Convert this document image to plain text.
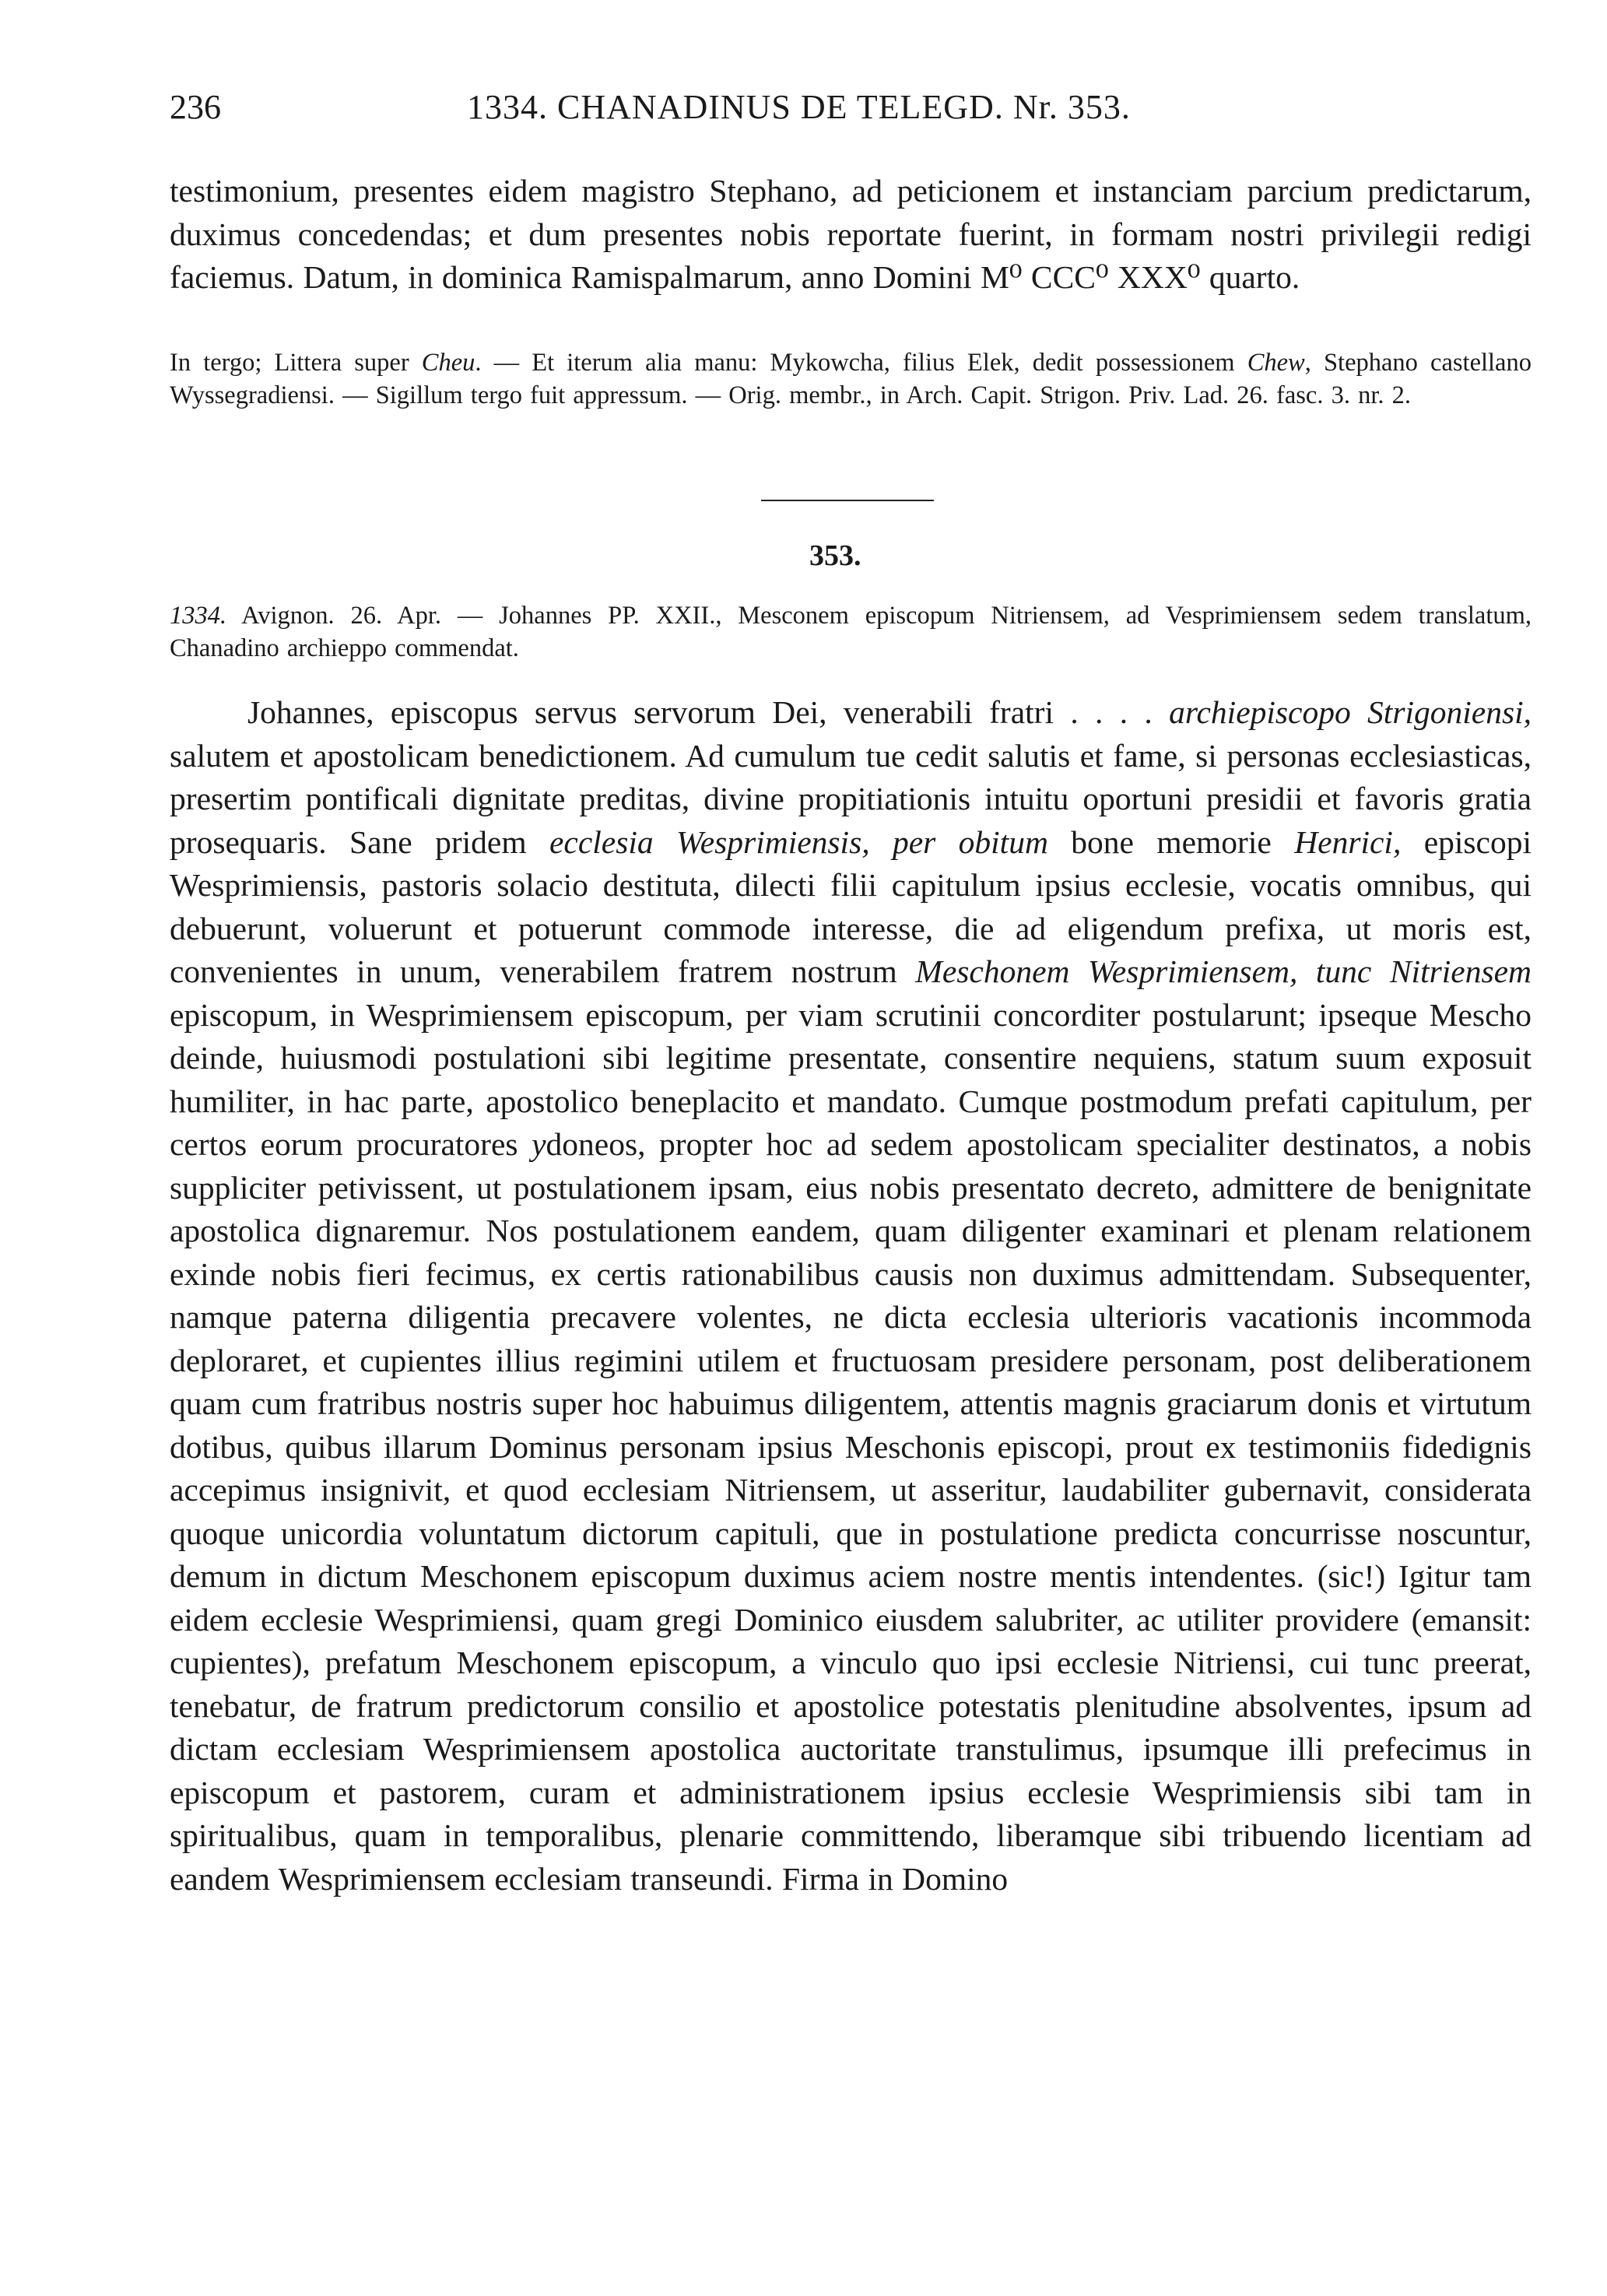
236	1334. CHANADINUS DE TELEGD. Nr. 353.
testimonium, presentes eidem magistro Stephano, ad peticionem et instanciam parcium predictarum, duximus concedendas; et dum presentes nobis reportate fuerint, in formam nostri privilegii redigi faciemus. Datum, in dominica Ramispalmarum, anno Domini M⁰ CCC⁰ XXX⁰ quarto.
In tergo; Littera super Cheu. — Et iterum alia manu: Mykowcha, filius Elek, dedit possessionem Chew, Stephano castellano Wyssegradiensi. — Sigillum tergo fuit appressum. — Orig. membr., in Arch. Capit. Strigon. Priv. Lad. 26. fasc. 3. nr. 2.
353.
1334. Avignon. 26. Apr. — Johannes PP. XXII., Mesconem episcopum Nitriensem, ad Vesprimiensem sedem translatum, Chanadino archieppo commendat.
Johannes, episcopus servus servorum Dei, venerabili fratri . . . . archiepiscopo Strigoniensi, salutem et apostolicam benedictionem. Ad cumulum tue cedit salutis et fame, si personas ecclesiasticas, presertim pontificali dignitate preditas, divine propitiationis intuitu oportuni presidii et favoris gratia prosequaris. Sane pridem ecclesia Wesprimiensis, per obitum bone memorie Henrici, episcopi Wesprimiensis, pastoris solacio destituta, dilecti filii capitulum ipsius ecclesie, vocatis omnibus, qui debuerunt, voluerunt et potuerunt commode interesse, die ad eligendum prefixa, ut moris est, convenientes in unum, venerabilem fratrem nostrum Meschonem Wesprimiensem, tunc Nitriensem episcopum, in Wesprimiensem episcopum, per viam scrutinii concorditer postularunt; ipseque Mescho deinde, huiusmodi postulationi sibi legitime presentate, consentire nequiens, statum suum exposuit humiliter, in hac parte, apostolico beneplacito et mandato. Cumque postmodum prefati capitulum, per certos eorum procuratores ydoneos, propter hoc ad sedem apostolicam specialiter destinatos, a nobis suppliciter petivissent, ut postulationem ipsam, eius nobis presentato decreto, admittere de benignitate apostolica dignaremur. Nos postulationem eandem, quam diligenter examinari et plenam relationem exinde nobis fieri fecimus, ex certis rationabilibus causis non duximus admittendam. Subsequenter, namque paterna diligentia precavere volentes, ne dicta ecclesia ulterioris vacationis incommoda deploraret, et cupientes illius regimini utilem et fructuosam presidere personam, post deliberationem quam cum fratribus nostris super hoc habuimus diligentem, attentis magnis graciarum donis et virtutum dotibus, quibus illarum Dominus personam ipsius Meschonis episcopi, prout ex testimoniis fidedignis accepimus insignivit, et quod ecclesiam Nitriensem, ut asseritur, laudabiliter gubernavit, considerata quoque unicordia voluntatum dictorum capituli, que in postulatione predicta concurrisse noscuntur, demum in dictum Meschonem episcopum duximus aciem nostre mentis intendentes. (sic!) Igitur tam eidem ecclesie Wesprimiensi, quam gregi Dominico eiusdem salubriter, ac utiliter providere (emansit: cupientes), prefatum Meschonem episcopum, a vinculo quo ipsi ecclesie Nitriensi, cui tunc preerat, tenebatur, de fratrum predictorum consilio et apostolice potestatis plenitudine absolventes, ipsum ad dictam ecclesiam Wesprimiensem apostolica auctoritate transtulimus, ipsumque illi prefecimus in episcopum et pastorem, curam et administrationem ipsius ecclesie Wesprimiensis sibi tam in spiritualibus, quam in temporalibus, plenarie committendo, liberamque sibi tribuendo licentiam ad eandem Wesprimiensem ecclesiam transeundi. Firma in Domino
